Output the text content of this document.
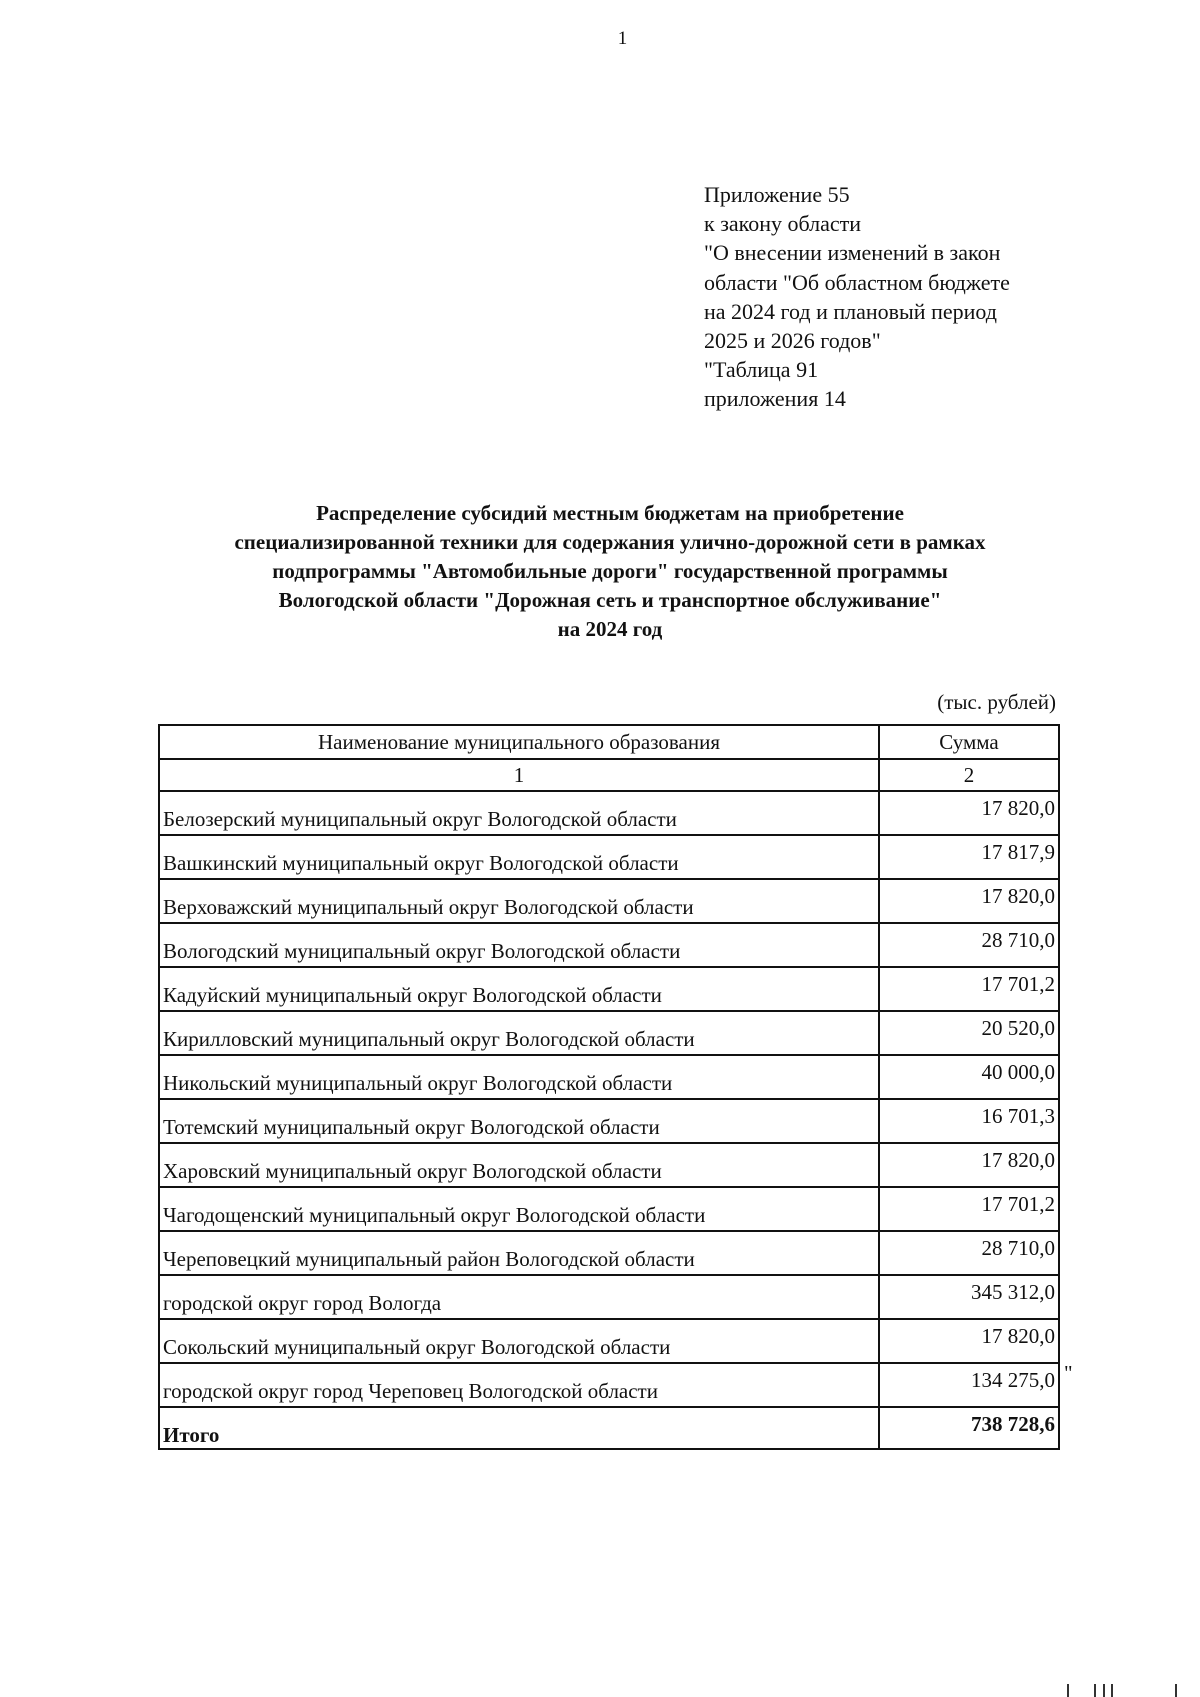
1
Приложение 55
к закону области
"О внесении изменений в закон
области "Об областном бюджете
на 2024 год и плановый период
2025 и 2026 годов"
"Таблица 91
приложения 14
Распределение субсидий местным бюджетам на приобретение
специализированной техники для содержания улично-дорожной сети в рамках
подпрограммы "Автомобильные дороги" государственной программы
Вологодской области "Дорожная сеть и транспортное обслуживание"
на 2024 год
(тыс. рублей)
Наименование муниципального образования	Сумма
1	2
Белозерский муниципальный округ Вологодской области	17 820,0
Вашкинский муниципальный округ Вологодской области	17 817,9
Верховажский муниципальный округ Вологодской области	17 820,0
Вологодский муниципальный округ Вологодской области	28 710,0
Кадуйский муниципальный округ Вологодской области	17 701,2
Кирилловский муниципальный округ Вологодской области	20 520,0
Никольский муниципальный округ Вологодской области	40 000,0
Тотемский муниципальный округ Вологодской области	16 701,3
Харовский муниципальный округ Вологодской области	17 820,0
Чагодощенский муниципальный округ Вологодской области	17 701,2
Череповецкий муниципальный район Вологодской области	28 710,0
городской округ город Вологда	345 312,0
Сокольский муниципальный округ Вологодской области	17 820,0
городской округ город Череповец Вологодской области	134 275,0
Итого	738 728,6
"
